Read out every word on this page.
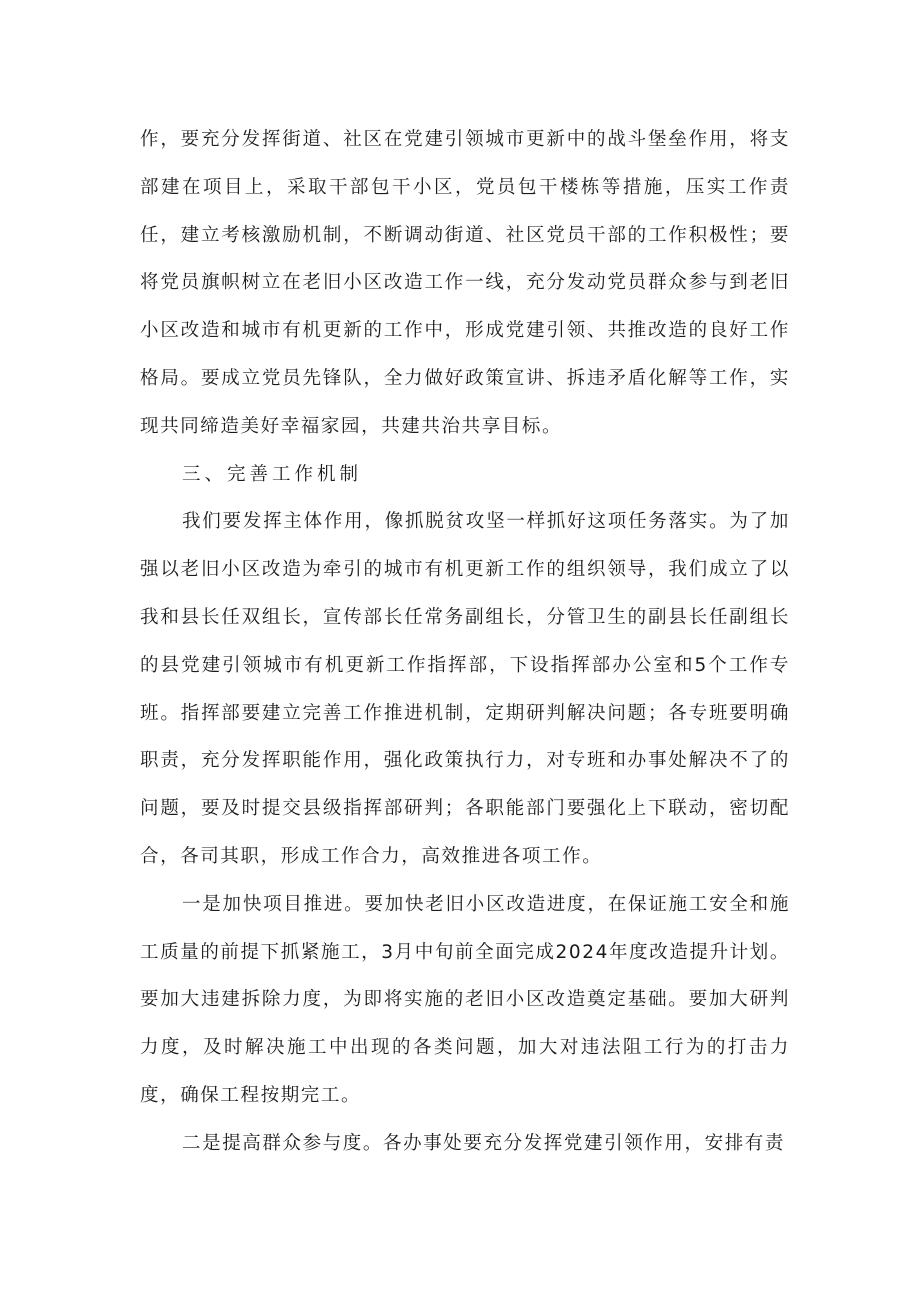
作，要充分发挥街道、社区在党建引领城市更新中的战斗堡垒作用，将支部建在项目上，采取干部包干小区，党员包干楼栋等措施，压实工作责任，建立考核激励机制，不断调动街道、社区党员干部的工作积极性；要将党员旗帜树立在老旧小区改造工作一线，充分发动党员群众参与到老旧小区改造和城市有机更新的工作中，形成党建引领、共推改造的良好工作格局。要成立党员先锋队，全力做好政策宣讲、拆违矛盾化解等工作，实现共同缔造美好幸福家园，共建共治共享目标。

三、完善工作机制

我们要发挥主体作用，像抓脱贫攻坚一样抓好这项任务落实。为了加强以老旧小区改造为牵引的城市有机更新工作的组织领导，我们成立了以我和县长任双组长，宣传部长任常务副组长，分管卫生的副县长任副组长的县党建引领城市有机更新工作指挥部，下设指挥部办公室和5个工作专班。指挥部要建立完善工作推进机制，定期研判解决问题；各专班要明确职责，充分发挥职能作用，强化政策执行力，对专班和办事处解决不了的问题，要及时提交县级指挥部研判；各职能部门要强化上下联动，密切配合，各司其职，形成工作合力，高效推进各项工作。

一是加快项目推进。要加快老旧小区改造进度，在保证施工安全和施工质量的前提下抓紧施工，3月中旬前全面完成2024年度改造提升计划。要加大违建拆除力度，为即将实施的老旧小区改造奠定基础。要加大研判力度，及时解决施工中出现的各类问题，加大对违法阻工行为的打击力度，确保工程按期完工。

二是提高群众参与度。各办事处要充分发挥党建引领作用，安排有责
